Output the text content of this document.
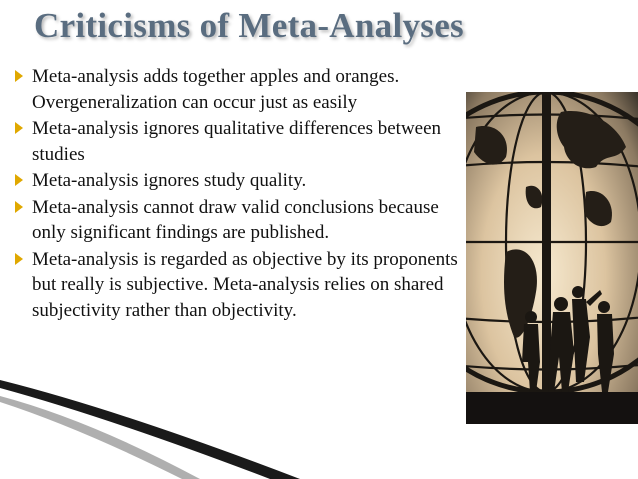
Criticisms of Meta-Analyses
Meta-analysis adds together apples and oranges. Overgeneralization can occur just as easily
Meta-analysis ignores qualitative differences between studies
Meta-analysis ignores study quality.
Meta-analysis cannot draw valid conclusions because only significant findings are published.
Meta-analysis is regarded as objective by its proponents but really is subjective. Meta-analysis relies on shared subjectivity rather than objectivity.
